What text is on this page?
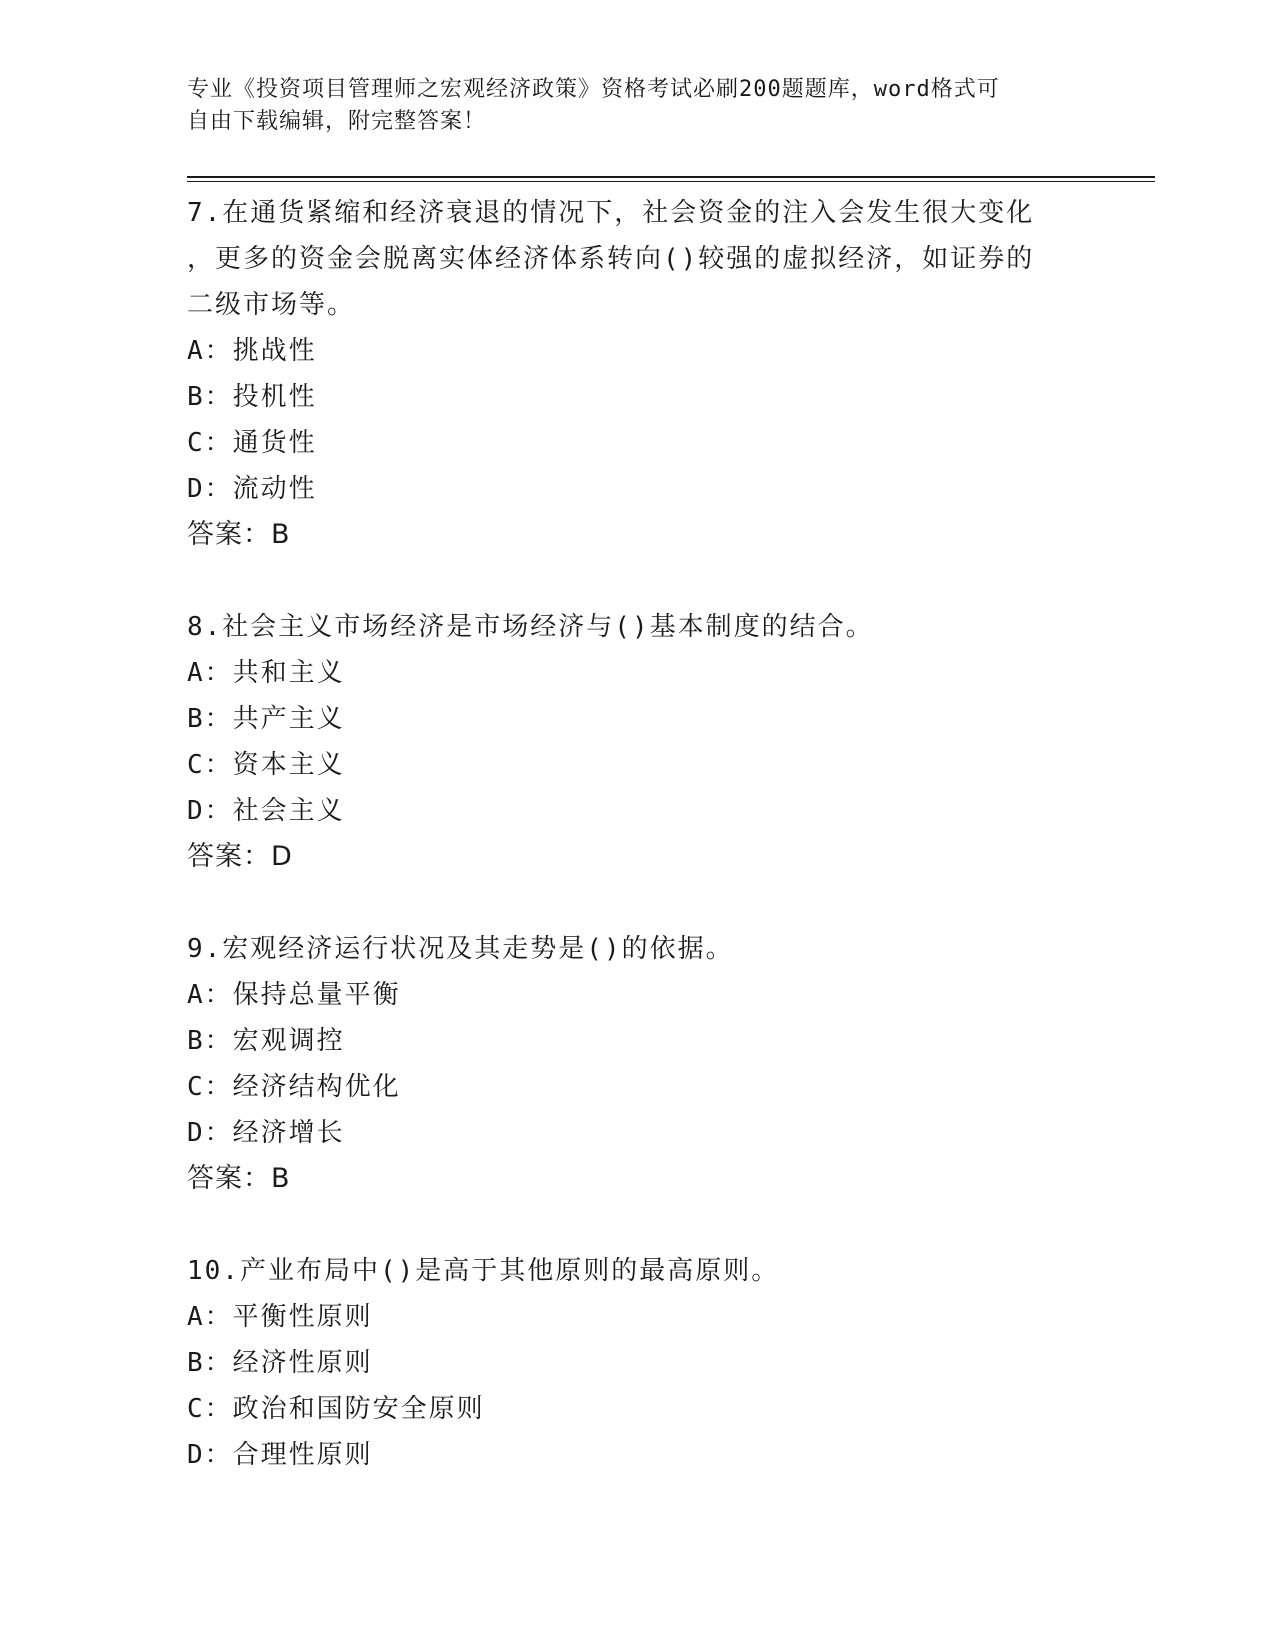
专业《投资项目管理师之宏观经济政策》资格考试必刷200题题库，word格式可
自由下载编辑，附完整答案！

7.在通货紧缩和经济衰退的情况下，社会资金的注入会发生很大变化

，更多的资金会脱离实体经济体系转向()较强的虚拟经济，如证券的

二级市场等。

A：挑战性

B：投机性

C：通货性

D：流动性

答案：B

8.社会主义市场经济是市场经济与()基本制度的结合。

A：共和主义

B：共产主义

C：资本主义

D：社会主义

答案：D

9.宏观经济运行状况及其走势是()的依据。

A：保持总量平衡

B：宏观调控

C：经济结构优化

D：经济增长

答案：B

10.产业布局中()是高于其他原则的最高原则。

A：平衡性原则

B：经济性原则

C：政治和国防安全原则

D：合理性原则
